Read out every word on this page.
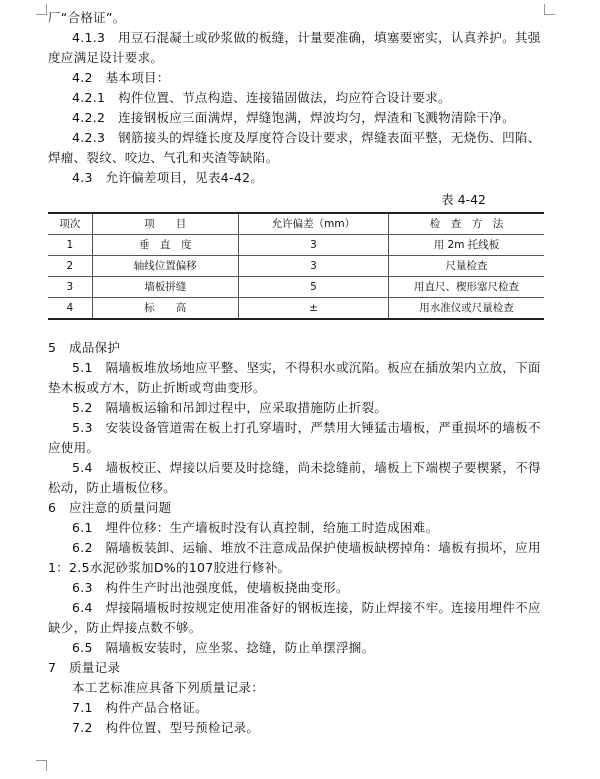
厂“合格证”。

4.1.3　用豆石混凝土或砂浆做的板缝，计量要准确，填塞要密实，认真养护。其强度应满足设计要求。

4.2　基本项目：

4.2.1　构件位置、节点构造、连接锚固做法，均应符合设计要求。

4.2.2　连接钢板应三面满焊，焊缝饱满，焊波均匀，焊渣和飞溅物清除干净。

4.2.3　钢筋接头的焊缝长度及厚度符合设计要求，焊缝表面平整，无烧伤、凹陷、焊瘤、裂纹、咬边、气孔和夹渣等缺陷。

4.3　允许偏差项目，见表4-42。

表 4-42
项次	项　　目	允许偏差（mm）	检　查　方　法
1	垂　直　度	3	用 2m 托线板
2	轴线位置偏移	3	尺量检查
3	墙板拼缝	5	用直尺、楔形塞尺检查
4	标　　高	±	用水准仪或尺量检查

5　成品保护

5.1　隔墙板堆放场地应平整、坚实，不得积水或沉陷。板应在插放架内立放，下面垫木板或方木，防止折断或弯曲变形。

5.2　隔墙板运输和吊卸过程中，应采取措施防止折裂。

5.3　安装设备管道需在板上打孔穿墙时，严禁用大锤猛击墙板，严重损坏的墙板不应使用。

5.4　墙板校正、焊接以后要及时捻缝，尚未捻缝前，墙板上下端楔子要楔紧，不得松动，防止墙板位移。

6　应注意的质量问题

6.1　埋件位移：生产墙板时没有认真控制，给施工时造成困难。

6.2　隔墙板装卸、运输、堆放不注意成品保护使墙板缺楞掉角：墙板有损坏，应用1：2.5水泥砂浆加D%的107胶进行修补。

6.3　构件生产时出池强度低，使墙板挠曲变形。

6.4　焊接隔墙板时按规定使用准备好的钢板连接，防止焊接不牢。连接用埋件不应缺少，防止焊接点数不够。

6.5　隔墙板安装时，应坐浆、捻缝，防止单摆浮搁。

7　质量记录

本工艺标准应具备下列质量记录：

7.1　构件产品合格证。

7.2　构件位置、型号预检记录。
